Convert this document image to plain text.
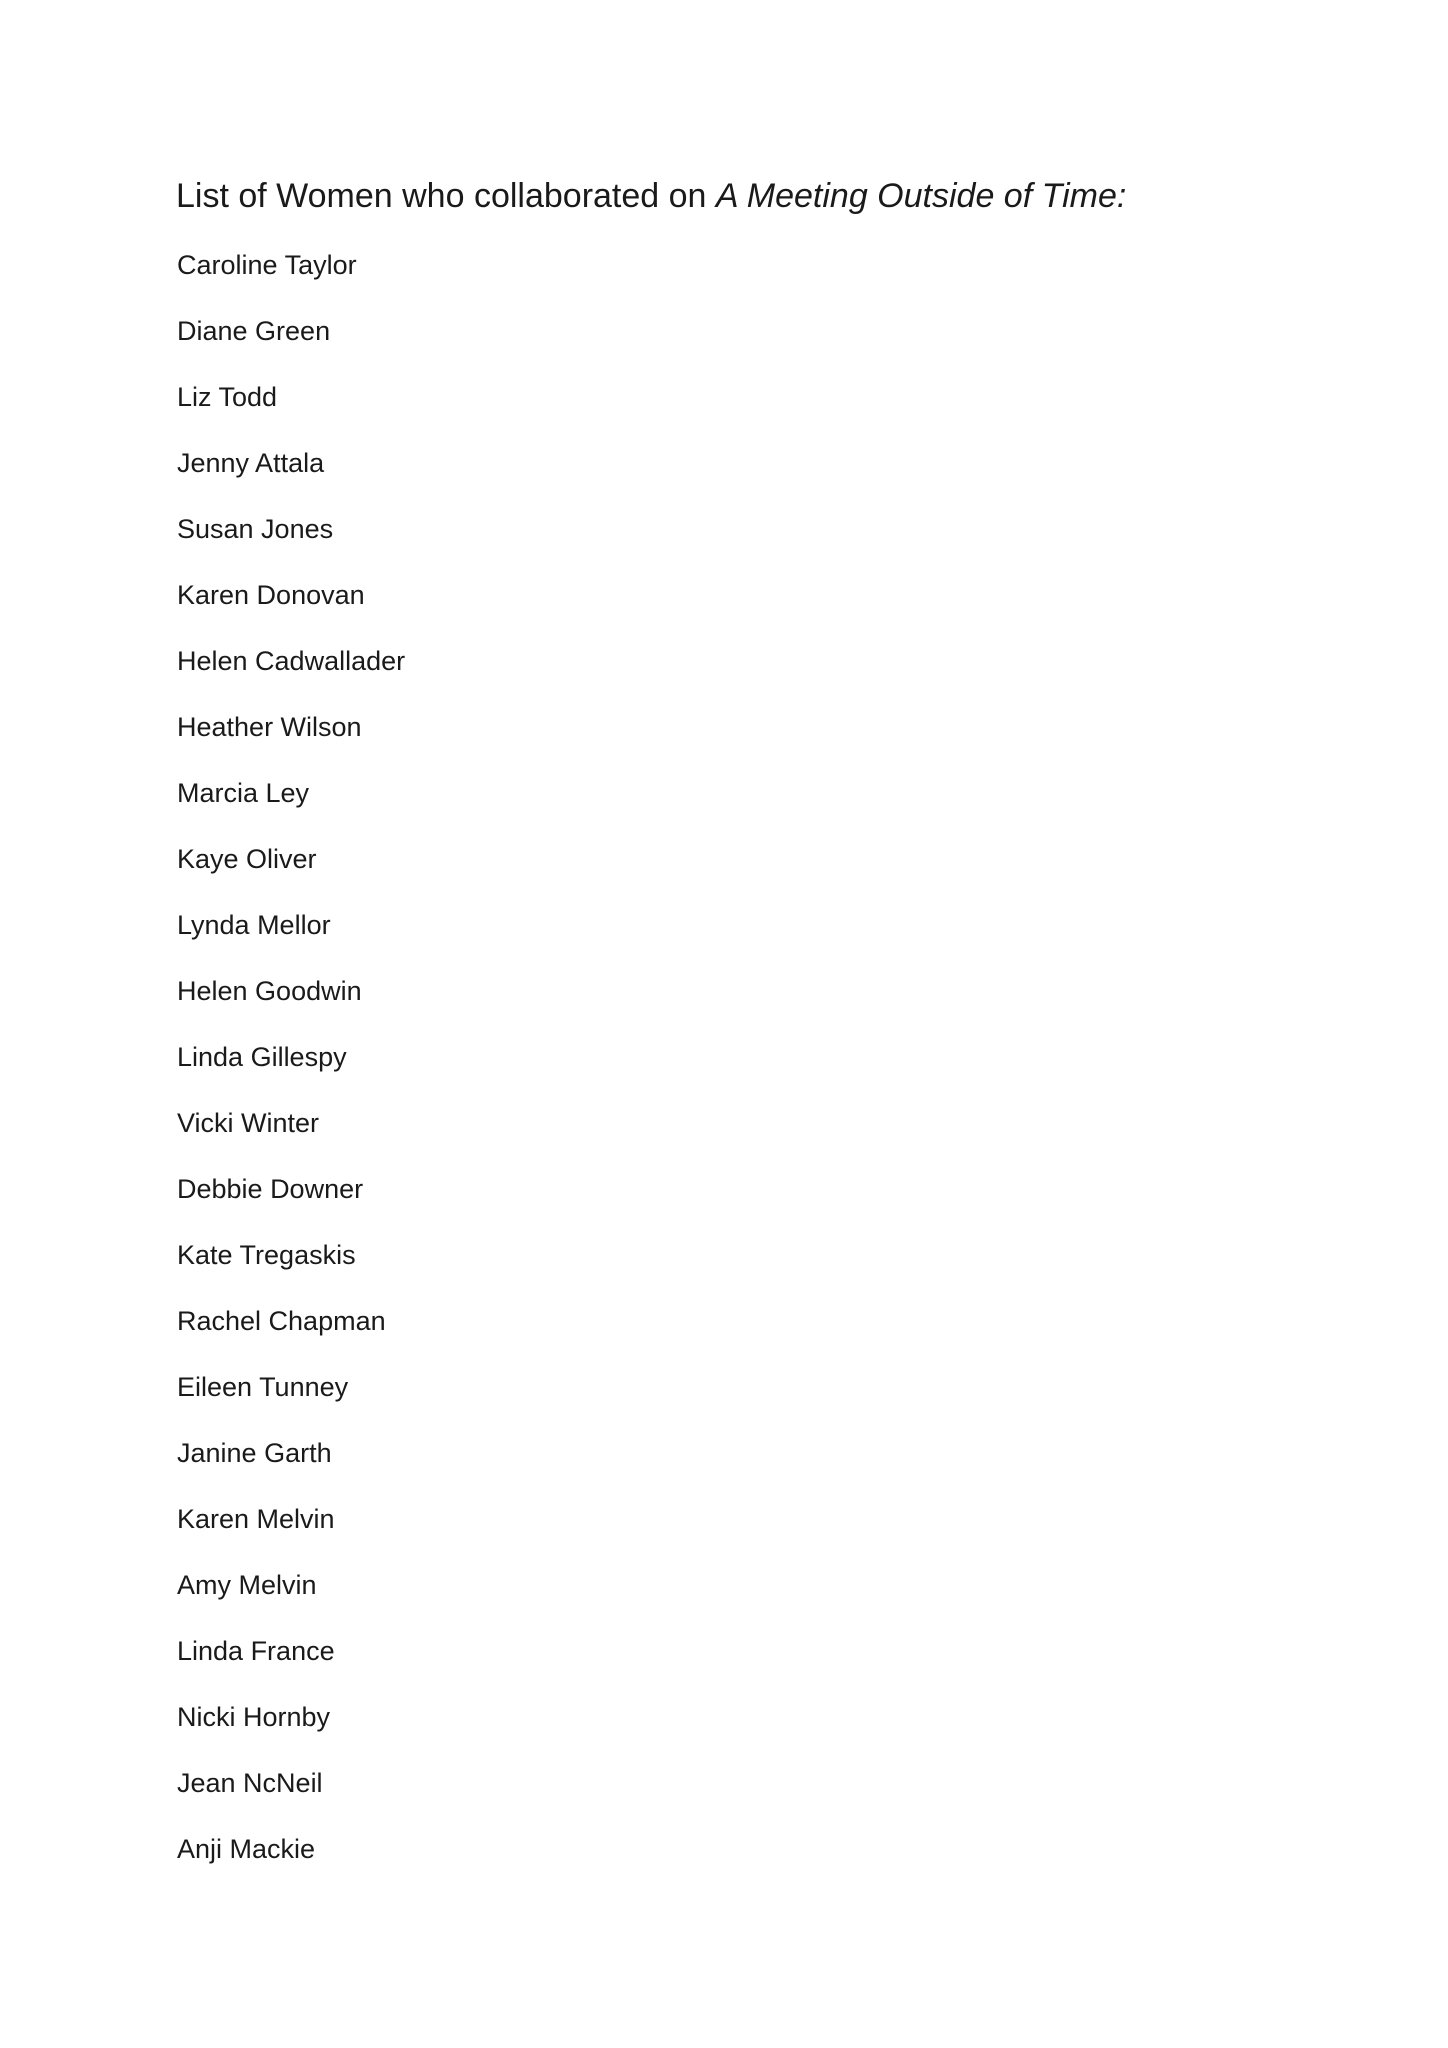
List of Women who collaborated on A Meeting Outside of Time:
Caroline Taylor
Diane Green
Liz Todd
Jenny Attala
Susan Jones
Karen Donovan
Helen Cadwallader
Heather Wilson
Marcia Ley
Kaye Oliver
Lynda Mellor
Helen Goodwin
Linda Gillespy
Vicki Winter
Debbie Downer
Kate Tregaskis
Rachel Chapman
Eileen Tunney
Janine Garth
Karen Melvin
Amy Melvin
Linda France
Nicki Hornby
Jean NcNeil
Anji Mackie
